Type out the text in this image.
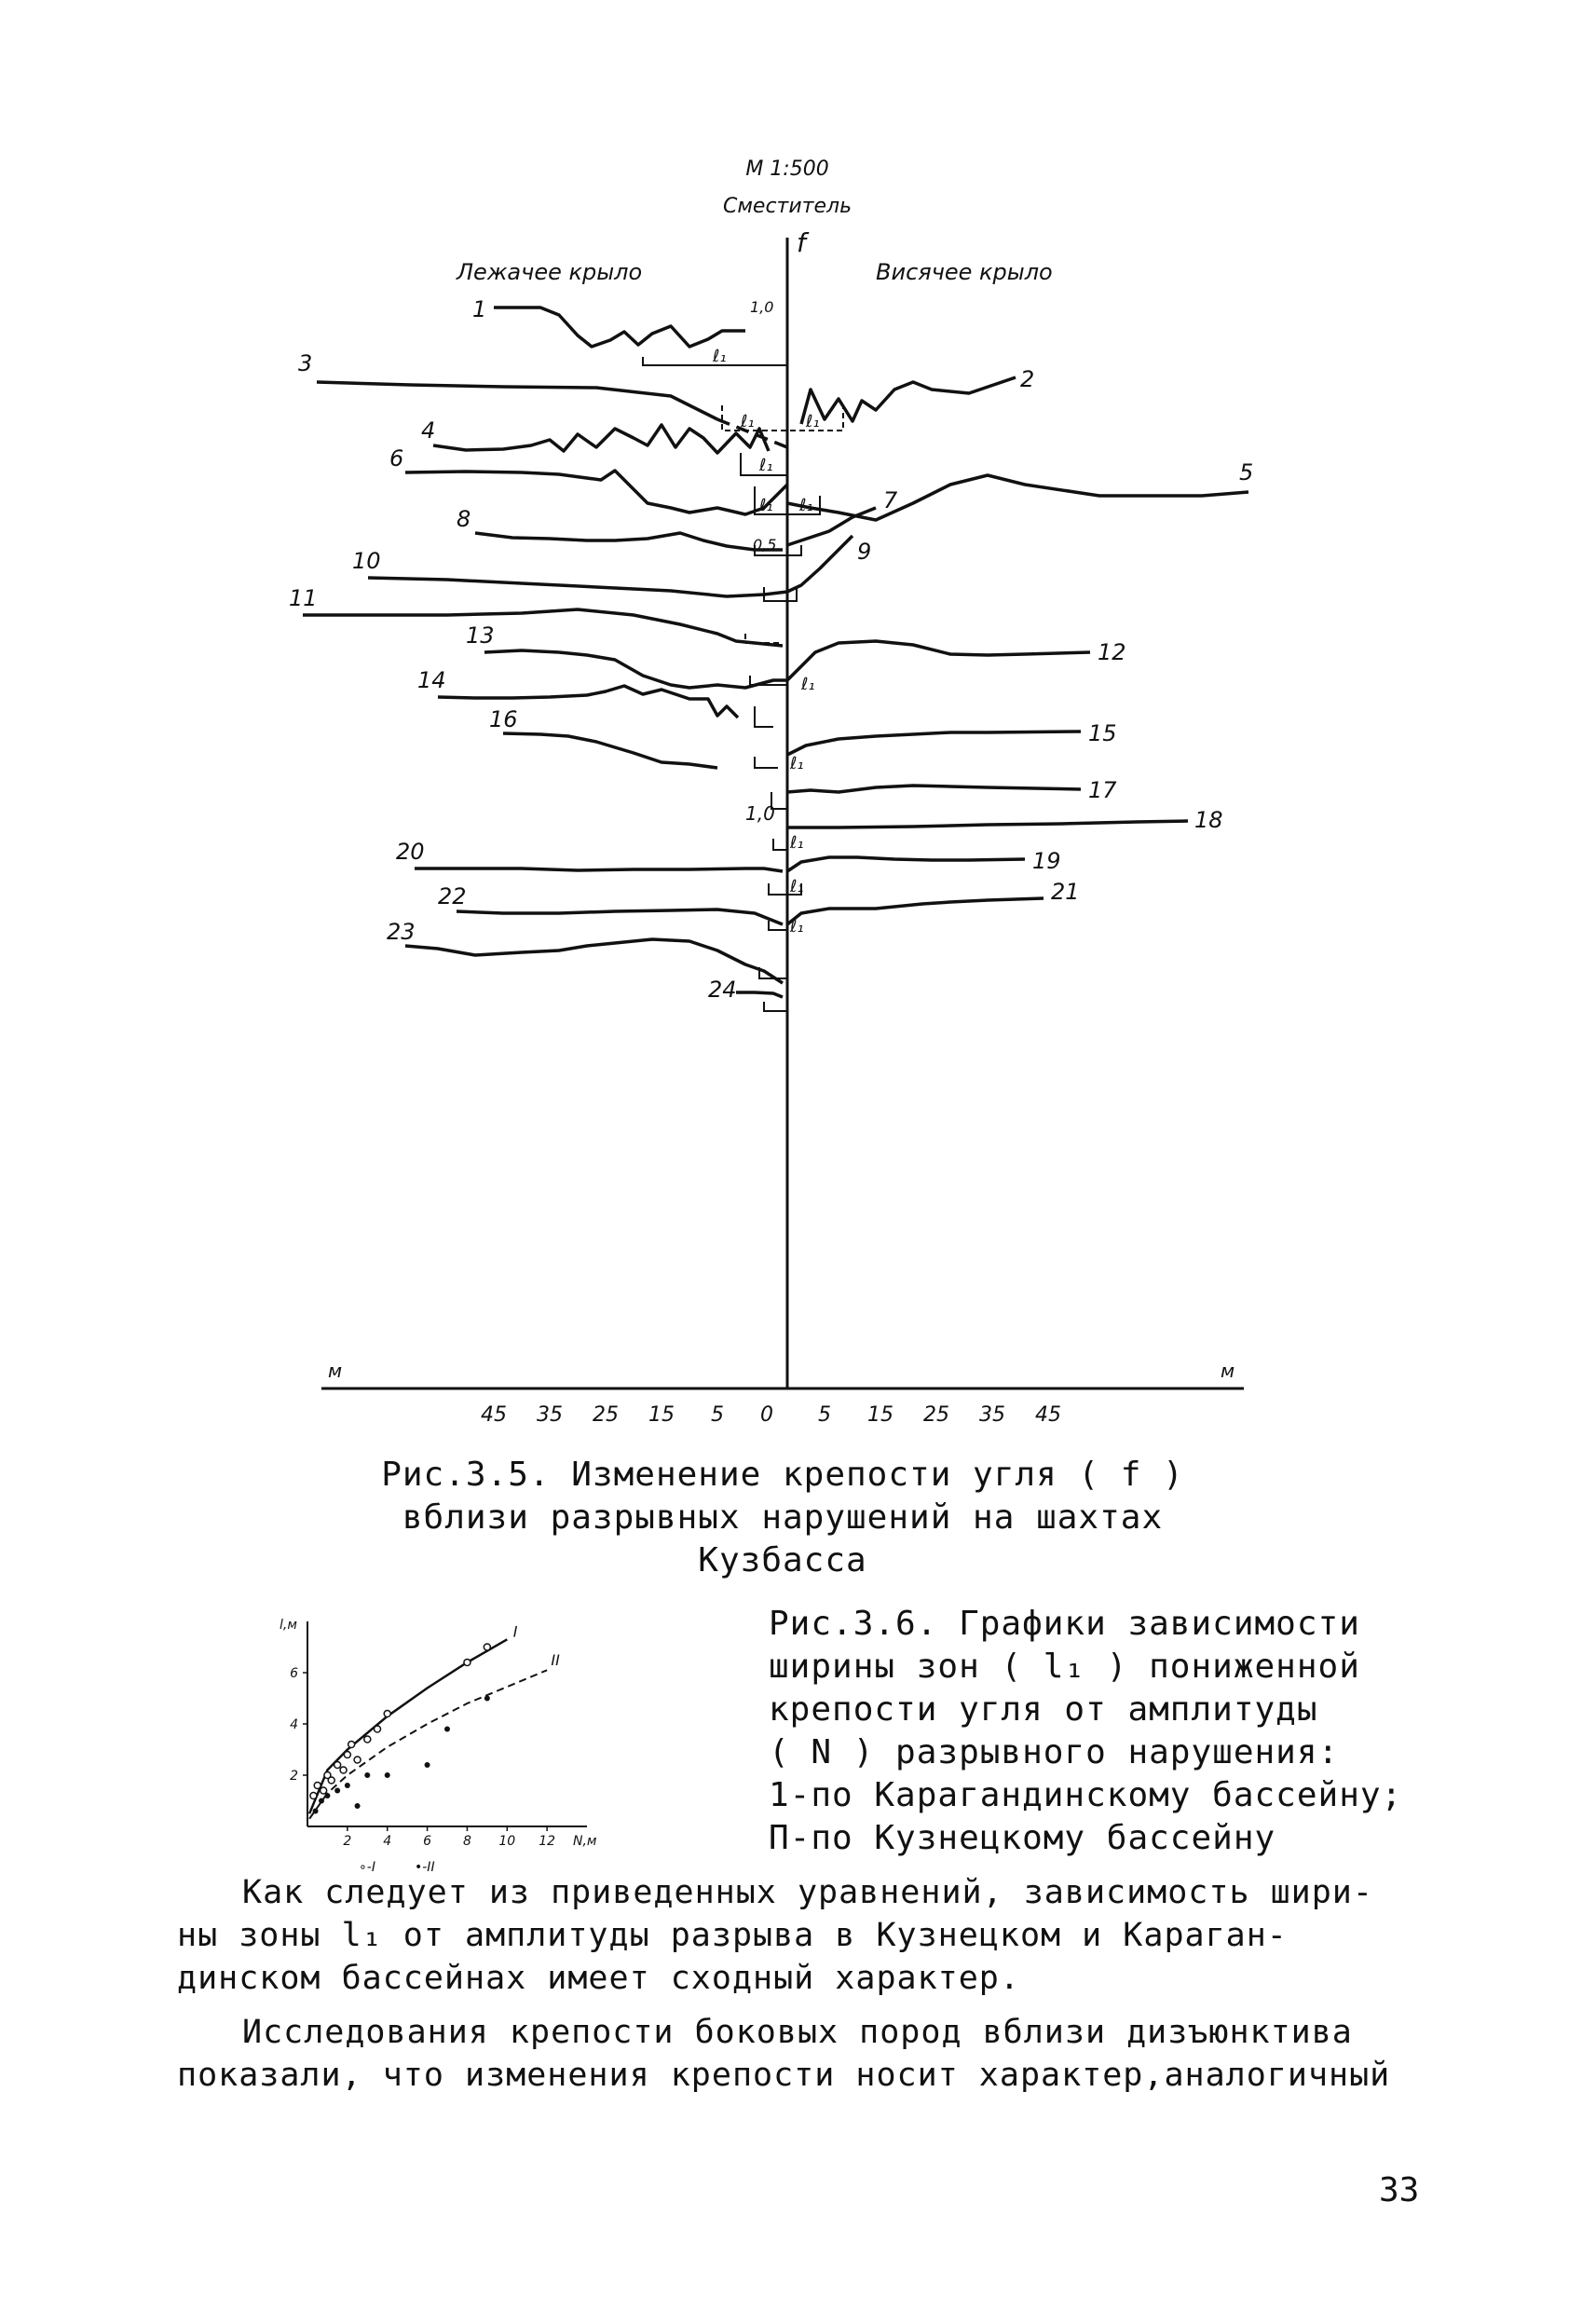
М 1:500
Сместитель
f
Лежачее крыло	Висячее крыло
м	м
45 35 25 15 5 0 5 15 25 35 45
1,0
0,5
1,0
1
2
3
4
5
6
7
8
9
10
11
12
13
14
15
16
17
18
19
20
21
22
23
24
ℓ₁
ℓ₁	ℓ₁
ℓ₁
ℓ₁ ℓ₁
ℓ₁
ℓ₁
ℓ₁
ℓ₁
ℓ₁
Рис.3.5. Изменение крепости угля ( f )
вблизи разрывных нарушений на шахтах
Кузбасса
l,м
N,м
2 4 6 8 10 12
2
4
6
I
II
∘-I	•-II
Рис.3.6. Графики зависимости
ширины зон ( l₁ ) пониженной
крепости угля от амплитуды
( N ) разрывного нарушения:
1-по Карагандинскому бассейну;
П-по Кузнецкому бассейну
Как следует из приведенных уравнений, зависимость шири-
ны зоны l₁ от амплитуды разрыва в Кузнецком и Караган-
динском бассейнах имеет сходный характер.
Исследования крепости боковых пород вблизи дизъюнктива
показали, что изменения крепости носит характер,аналогичный
33
